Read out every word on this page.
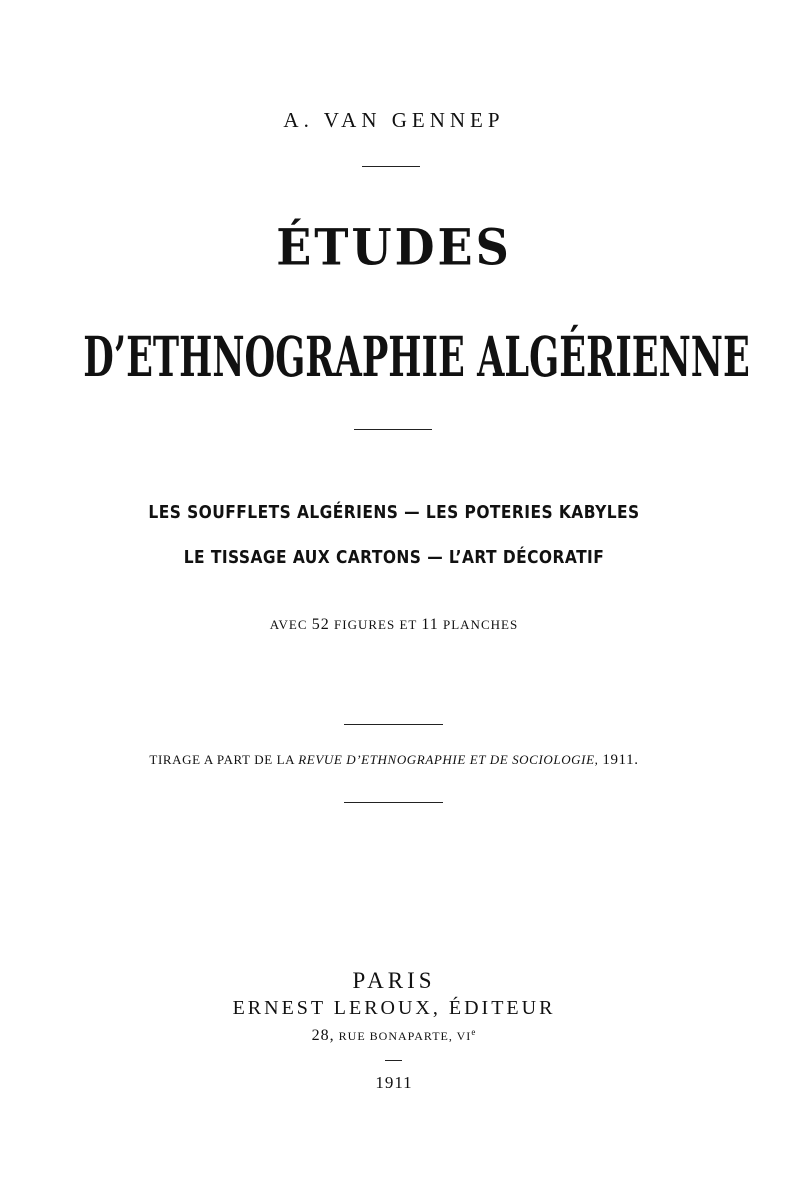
A. VAN GENNEP
ÉTUDES
D’ETHNOGRAPHIE ALGÉRIENNE
LES SOUFFLETS ALGÉRIENS — LES POTERIES KABYLES
LE TISSAGE AUX CARTONS — L’ART DÉCORATIF
AVEC 52 FIGURES ET 11 PLANCHES
TIRAGE A PART DE LA REVUE D’ETHNOGRAPHIE ET DE SOCIOLOGIE, 1911.
PARIS
ERNEST LEROUX, ÉDITEUR
28, RUE BONAPARTE, VIe
1911
